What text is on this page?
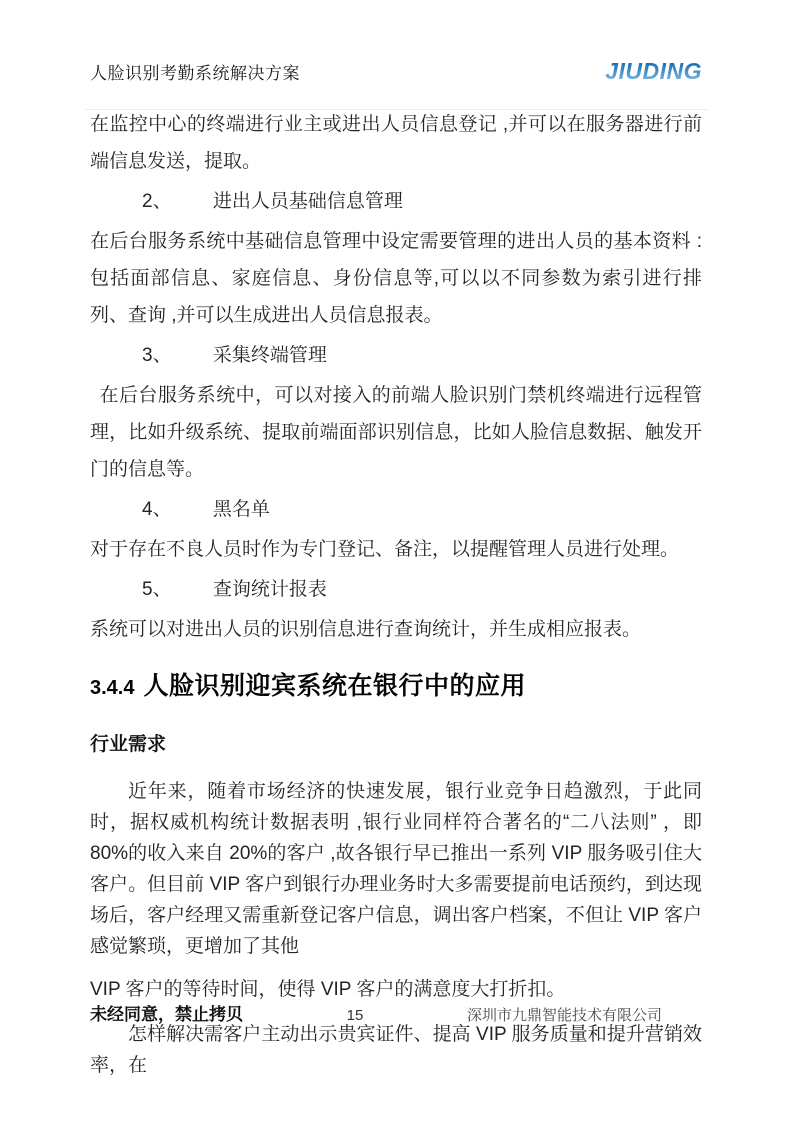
人脸识别考勤系统解决方案	JIUDING

在监控中心的终端进行业主或进出人员信息登记 ,并可以在服务器进行前端信息发送，提取。

2、 进出人员基础信息管理

在后台服务系统中基础信息管理中设定需要管理的进出人员的基本资料 :包括面部信息、家庭信息、身份信息等,可以以不同参数为索引进行排列、查询 ,并可以生成进出人员信息报表。

3、 采集终端管理

在后台服务系统中，可以对接入的前端人脸识别门禁机终端进行远程管 理，比如升级系统、提取前端面部识别信息，比如人脸信息数据、触发开门的信息等。

4、 黑名单

对于存在不良人员时作为专门登记、备注，以提醒管理人员进行处理。

5、 查询统计报表

系统可以对进出人员的识别信息进行查询统计，并生成相应报表。

3.4.4 人脸识别迎宾系统在银行中的应用
行业需求

近年来，随着市场经济的快速发展，银行业竞争日趋激烈，于此同时，据权威机构统计数据表明 ,银行业同样符合著名的“二八法则” ，即 80%的收入来自 20%的客户 ,故各银行早已推出一系列 VIP 服务吸引住大客户。但目前 VIP 客户到银行办理业务时大多需要提前电话预约，到达现场后，客户经理又需重新登记客户信息，调出客户档案，不但让 VIP 客户感觉繁琐，更增加了其他

VIP 客户的等待时间，使得 VIP 客户的满意度大打折扣。

怎样解决需客户主动出示贵宾证件、提高 VIP 服务质量和提升营销效率，在

未经同意，禁止拷贝	15	深圳市九鼎智能技术有限公司
